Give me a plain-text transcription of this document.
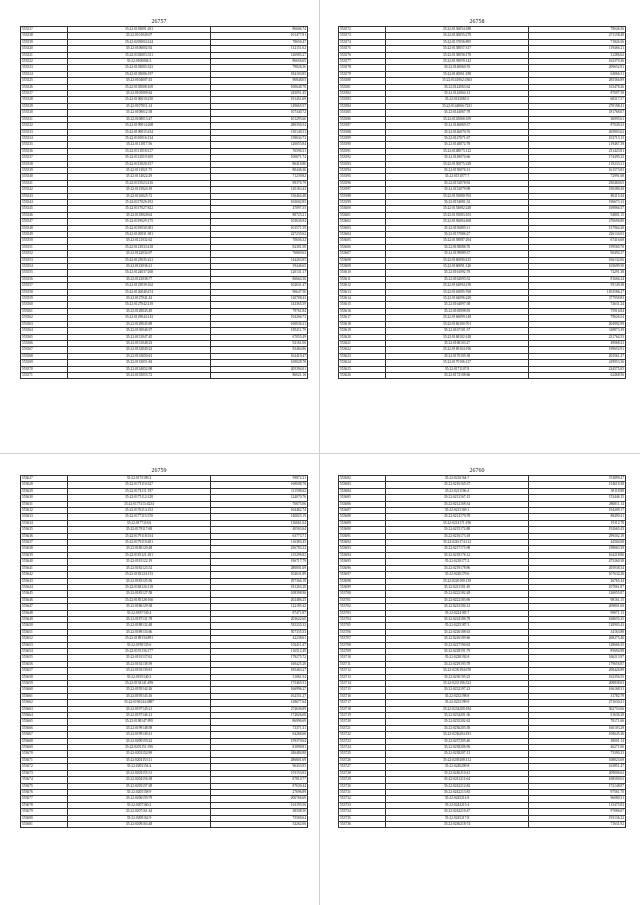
26757
553537	35:22:0103001:281	86606.74
553538	35:22:0101040:07	101477.81
553539	35:22:0203004:224	78650.47
553520	35:22:0106002:92	112151.62
553521	35:22:0102003:311	126985.27
553522	35:22:0106004:3	86656.65
553523	35:22:0103005:323	79826.56
553524	35:22:0103006:197	184103.85
553525	35:22:0104007:43	90848.05
553526	35:22:0105008:169	100648.78
553527	35:22:0105009:62	245051.45
553528	35:22:0106010:250	191451.69
553529	35:22:0107011:14	149665.57
553530	35:22:0108012:38	107340.72
553531	35:22:0108013:47	101295.66
553532	35:22:0109014:268	280356.54
553533	35:22:0109015:434	130140.31
553534	35:22:0110016:134	158634.73
553535	35:22:0111017:56	126055.84
553536	35:22:0111018:317	76596.31
553537	35:22:0112019:169	100671.74
553538	35:22:0113020:157	86416.86
553539	35:22:0113021:75	80446.36
553540	35:22:0114022:29	71239.82
553541	35:22:0115023:416	89376.79
553542	35:22:0115024:18	120163.43
553543	35:22:0116025:72	156464.48
553544	35:22:0117026:192	165602.85
553545	35:22:0117027:822	47097.35
553546	35:22:0118028:64	88725.21
553547	35:22:0119029:175	103636.94
553548	35:22:0119030:303	101571.59
553549	35:22:0120031:381	227235.62
553550	35:22:0121032:62	70656.32
553551	35:22:0121033:418	82301.58
553552	35:22:0122034:97	76869.63
553553	35:22:0123035:221	144263.85
553554	35:22:0123036:21	59446.65
553555	35:22:0124037:268	120131.17
553556	35:22:0125038:77	86664.36
553557	35:22:0125039:162	162631.47
553558	35:22:0126040:474	90647.56
553559	35:22:0127041:42	120708.43
553560	35:22:0127042:218	143365.59
553561	35:22:0128043:49	79761.84
553562	35:22:0129044:143	194266.73
553563	35:22:0129045:89	160036.21
553564	35:22:0130046:97	185211.79
553565	35:22:0131047:45	67055.49
553566	35:22:0131048:23	92161.06
553567	35:22:0132049:22	83464.86
553568	35:22:0133050:61	162419.47
553569	35:22:0133051:84	169028.78
553570	35:22:0134052:98	205394.01
553571	35:22:0135053:72	86021.16
26758
553572	35:22:0136054:188	78626.56
553573	35:22:0136055:278	271158.49
553574	35:22:0137056:895	71826.56
553575	35:22:0138057:317	119466.21
553576	35:22:0138058:178	31286.62
553577	35:22:0139059:142	162370.36
553578	35:22:0140060:76	209652.91
553579	35:22:0140061:188	64066.31
553580	35:22:0141062:4363	285366.89
553581	35:22:0142063:62	163478.26
553582	35:22:0142064:13	87097.39
553583	35:22:0143065:5	68317.57
553584	35:22:0144066:7231	270198.41
553585	35:22:0144067:78	181768.67
553586	35:22:0145068:109	36995.61
553587	35:22:0146069:37	87049.23
553588	35:22:0146070:76	265803.62
553589	35:22:0147071:67	102713.13
553590	35:22:0148072:78	119467.39
553591	35:22:0148073:122	231423.81
553592	35:22:0149074:66	174495.23
553593	35:22:0150075:228	119233.21
553594	35:22:0150076:13	161573.83
553595	35:22:0151077:7	72991.68
553596	35:22:0152078:92	230460.65
553597	35:22:0152079:98	190280.20
553598	35:22:0153080:763	86115.44
553599	35:22:0154081:32	196673.13
553600	35:22:0154082:248	169866.57
553601	35:22:0155083:103	94801.15
553602	35:22:0156084:468	270696.80
553603	35:22:0156085:11	137964.20
553604	35:22:0157086:27	226134.03
553605	35:22:0158087:294	67416.69
553606	35:22:0158088:76	199560.70
553607	35:22:0159089:37	90494.27
553608	35:22:0160090:415	166132.06
553609	35:22:0160091:126	165699.50
553610	35:22:0161092:78	74291.38
553611	35:22:0162093:52	81666.24
553612	35:22:0162094:158	59149.38
553613	35:22:0163095:768	1653586.27
553614	35:22:0164096:220	377958.83
553615	35:22:0164097:58	74631.24
553616	35:22:0165098:93	75916.84
553617	35:22:0166099:148	79626.54
553618	35:22:0166100:701	204992.99
553619	35:22:0167101:37	318873.39
553620	35:22:0168102:148	231764.53
553621	35:22:0168103:27	49068.23
553622	35:22:0169104:196	199652.91
553623	35:22:0170105:38	202561.27
553624	35:22:0170106:137	419953.36
553625	35:22:0171107:8	224575.05
553626	35:22:0172108:66	62468.56
26759
553627	35:22:0173109:2	59872.21
553628	35:22:0173110:327	168008.78
553629	35:22:0174111:197	111596.62
553630	35:22:0175112:128	124070.76
553631	35:22:0175113:4234	76673.06
553632	35:22:0176114:152	164462.74
553633	35:22:0177115:370	140825.19
553634	35:22:0177116:6	136661.64
553635	35:22:0178117:68	40563.64
553636	35:22:0179118:154	63773.71
553637	35:22:0179119:281	116383.45
553638	35:22:0180120:48	256783.22
553639	35:22:0181121:181	135296.82
553640	35:22:0181122:19	196717.79
553641	35:22:0182123:52	280801.69
553642	35:22:0183124:133	104631.89
553643	35:22:0183125:56	297366.18
553644	35:22:0184126:118	181263.28
553645	35:22:0185127:58	108398.96
553646	35:22:0185128:166	202486.25
553647	35:22:0186129:38	122185.42
553648	35:22:0187130:4	87471.87
553649	35:22:0187131:78	203622.60
553650	35:22:0188132:48	535235.33
553651	35:22:0189133:66	507335.53
553652	35:22:0189134:891	42238.61
553653	35:22:0190135:6	102411.47
553654	35:22:0191136:177	116512.49
553655	35:22:0191137:62	179275.72
553656	35:22:0192138:59	160425.20
553657	35:22:0193139:81	185463.27
553658	35:22:0193140:3	51061.54
553659	35:22:0194141:499	175465.51
553660	35:22:0195142:26	166996.27
553661	35:22:0195143:16	162351.27
553662	35:22:0196144:4887	128677.64
553663	35:22:0197145:21	274636.89
553664	35:22:0197146:12	172826.08
553665	35:22:0198147:995	86996.69
553666	35:22:0199148:58	73371.31
553667	35:22:0199149:41	64266.66
553668	35:22:0200150:22	159370.64
553669	35:22:0201151:196	81898.81
553670	35:22:0201152:98	436484.80
553671	35:22:0202153:11	286801.69
553672	35:22:0203154:4	96433.93
553673	35:22:0203155:31	191153.03
553674	35:22:0204156:38	87810.77
553675	35:22:0205157:28	87630.44
553676	35:22:0205158:9	27696.89
553677	35:22:0206159:79	200766.69
553678	35:22:0207160:2	161193.56
553679	35:22:0207161:44	38508.50
553680	35:22:0208162:9	75580.64
553681	35:22:0209163:48	54262.06
26760
553682	35:22:0210164:7	374899.47
553683	35:22:0210165:37	154618.38
553684	35:22:0211166:4	38118.88
553685	35:22:0212167:13	153446.15
553686	35:22:0212168:34	286811.14
553687	35:22:0213169:1	194209.17
553688	35:22:0214170:78	88490.41
553689	35:22:0214171:196	19112.78
553690	35:22:0215172:88	192665.43
553691	35:22:0216173:18	299302.18
553692	35:22:0216174:112	44504.08
553693	35:22:0217175:98	198063.39
553694	35:22:0218176:12	164218.86
553695	35:22:0218177:2	475260.38
553696	35:22:0219178:96	205938.34
553697	35:22:0220179:6	107632.26
553698	35:22:0220180:139	26765.44
553699	35:22:0221181:49	107061.87
553700	35:22:0222182:28	126055.87
553701	35:22:0222183:96	98161.15
553702	35:22:0223184:12	208801.69
553703	35:22:0224185:7	99071.13
553704	35:22:0224186:78	168655.25
553705	35:22:0225187:3	120903.43
553706	35:22:0226188:63	34163.88
553707	35:22:0226189:66	268275.46
553708	35:22:0227190:63	128666.35
553709	35:22:0228191:79	85694.98
553710	35:22:0228192:8	166213.97
553711	35:22:0229193:78	179656.87
553712	35:22:0230194:678	208426.89
553713	35:22:0230195:23	162356.55
553714	35:22:0231196:522	208838.63
553715	35:22:0232197:23	166168.31
553716	35:22:0232198:8	31782.79
553717	35:22:0233199:9	271630.41
553718	35:22:0234200:184	302753.06
553719	35:22:0234201:36	61636.28
553720	35:22:0235202:63	78171.66
553721	35:22:0236203:58	166103.28
553722	35:22:0236204:181	108645.26
553723	35:22:0237205:46	38001.14
553724	35:22:0238206:96	46271.06
553725	35:22:0238207:13	73390.23
553726	35:22:0239208:112	168023.69
553727	35:22:0240209:8	163851.47
553728	35:22:0240210:41	209006.62
553729	35:22:0241211:64	168500.63
553730	35:22:0242212:82	172148.87
553731	35:22:0242213:83	97561.70
553732	35:22:0243214:8	96080.51
553733	35:22:0244215:4	115475.83
553734	35:22:0244216:47	97086.67
553735	35:22:0245217:8	193136.22
553736	35:22:0246218:74	71631.92
